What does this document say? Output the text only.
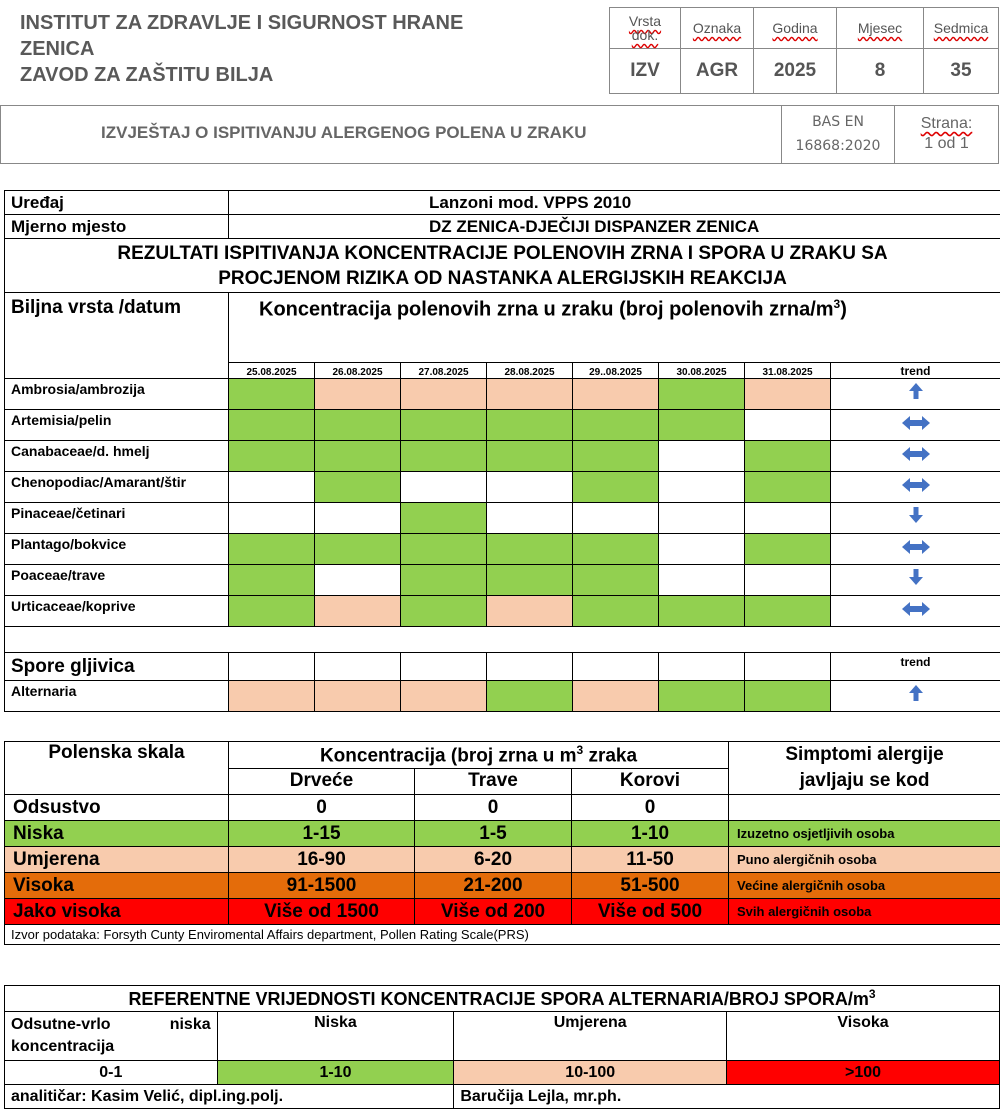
INSTITUT ZA ZDRAVLJE I SIGURNOST HRANE
ZENICA
ZAVOD ZA ZAŠTITU BILJA
Vrsta dok.	Oznaka	Godina	Mjesec	Sedmica
IZV	AGR	2025	8	35
IZVJEŠTAJ O ISPITIVANJU ALERGENOG POLENA U ZRAKU
BAS EN
16868:2020
Strana:
1 od 1
Uređaj	Lanzoni mod. VPPS 2010							
Mjerno mjesto	DZ ZENICA-DJEČIJI DISPANZER ZENICA							

REZULTATI ISPITIVANJA KONCENTRACIJE POLENOVIH ZRNA I SPORA U ZRAKU SA
PROCJENOM RIZIKA OD NASTANKA ALERGIJSKIH REAKCIJA								

Biljna vrsta /datum	Koncentracija polenovih zrna u zraku (broj polenovih zrna/$m^3$)							
	25.08.2025	26.08.2025	27.08.2025	28.08.2025	29..08.2025	30.08.2025	31.08.2025	trend
Ambrosia/ambrozija								
Artemisia/pelin								
Canabaceae/d. hmelj								
Chenopodiac/Amarant/štir								
Pinaceae/četinari								
Plantago/bokvice								
Poaceae/trave								
Urticaceae/koprive								

Spore gljivica								trend
Alternaria								
Polenska skala	Koncentracija (broj zrna u $m^3$ zraka			Simptomi alergije
javljaju se kod

	Drveće	Trave	Korovi	
Odsustvo	0	0	0	
Niska	1-15	1-5	1-10	Izuzetno osjetljivih osoba
Umjerena	16-90	6-20	11-50	Puno alergičnih osoba
Visoka	91-1500	21-200	51-500	Većine alergičnih osoba
Jako visoka	Više od 1500	Više od 200	Više od 500	Svih alergičnih osoba
Izvor podataka: Forsyth Cunty Enviromental Affairs department, Pollen Rating Scale(PRS)				
REFERENTNE VRIJEDNOSTI KONCENTRACIJE SPORA ALTERNARIA/BROJ SPORA/$m^3$
Odsutne-vrlo niska koncentracija	Niska	Umjerena	Visoka
0-1	1-10	10-100	>100
analitičar: Kasim Velić, dipl.ing.polj.		Baručija Lejla, mr.ph.	
